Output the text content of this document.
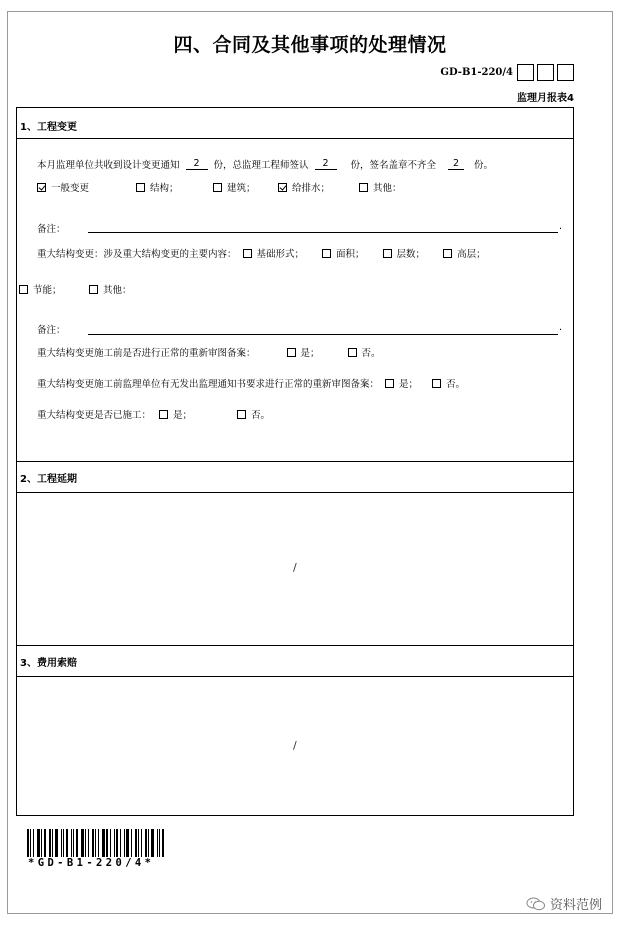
四、合同及其他事项的处理情况
GD-B1-220/4
监理月报表4
1、工程变更
本月监理单位共收到设计变更通知	2	份，总监理工程师签认	2	份，签名盖章不齐全	2	份。
一般变更	结构；	建筑；	给排水；	其他：
备注：	.
重大结构变更：涉及重大结构变更的主要内容： 基础形式；	面积；	层数；	高层；
节能；	其他：
备注：	.
重大结构变更施工前是否进行正常的重新审图备案：	是；	否。
重大结构变更施工前监理单位有无发出监理通知书要求进行正常的重新审图备案： 是；	否。
重大结构变更是否已施工： 是；	否。
2、工程延期
/
3、费用索赔
/
*GD-B1-220/4*
资料范例
